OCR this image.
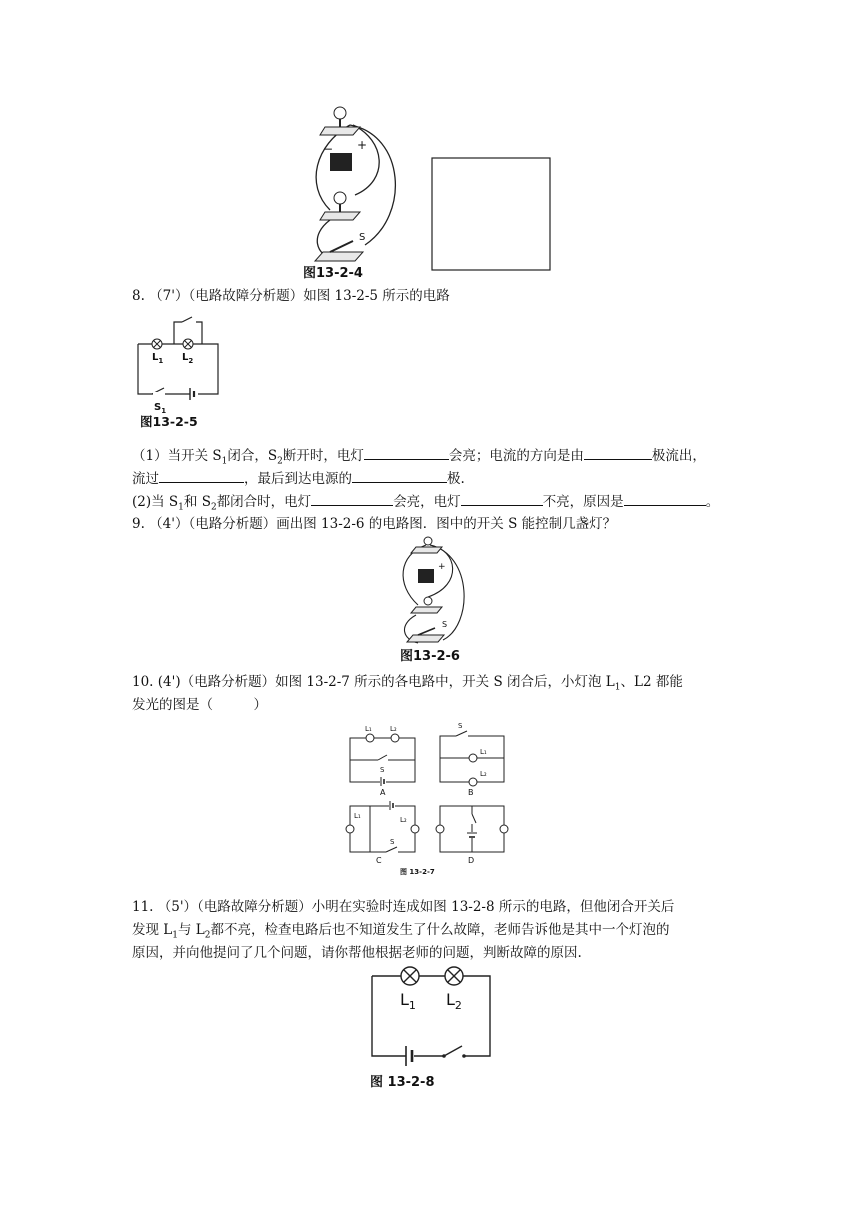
− +
S
图13-2-4
8. （7'）（电路故障分析题）如图 13-2-5 所示的电路
$L_1$ $L_2$
$S_1$
图13-2-5
（1）当开关 $S_1$闭合，$S_2$断开时，电灯	会亮；电流的方向是由	极流出，
流过	，最后到达电源的	极.
(2)当 $S_1$和 $S_2$都闭合时，电灯	会亮，电灯	不亮，原因是	。
9. （4'）（电路分析题）画出图 13-2-6 的电路图．图中的开关 S 能控制几盏灯？
+
S
图13-2-6
10. (4')（电路分析题）如图 13-2-7 所示的各电路中，开关 S 闭合后，小灯泡 $L_1$、L2 都能
发光的图是（　　　）
L₁	L₂
S
A
S
L₁
L₂
B
L₁	L₂
S
C	D
图 13-2-7
11. （5'）（电路故障分析题）小明在实验时连成如图 13-2-8 所示的电路，但他闭合开关后
发现 $L_1$与 $L_2$都不亮，检查电路后也不知道发生了什么故障，老师告诉他是其中一个灯泡的
原因，并向他提问了几个问题，请你帮他根据老师的问题，判断故障的原因.
$L_1$ $L_2$
图 13-2-8
